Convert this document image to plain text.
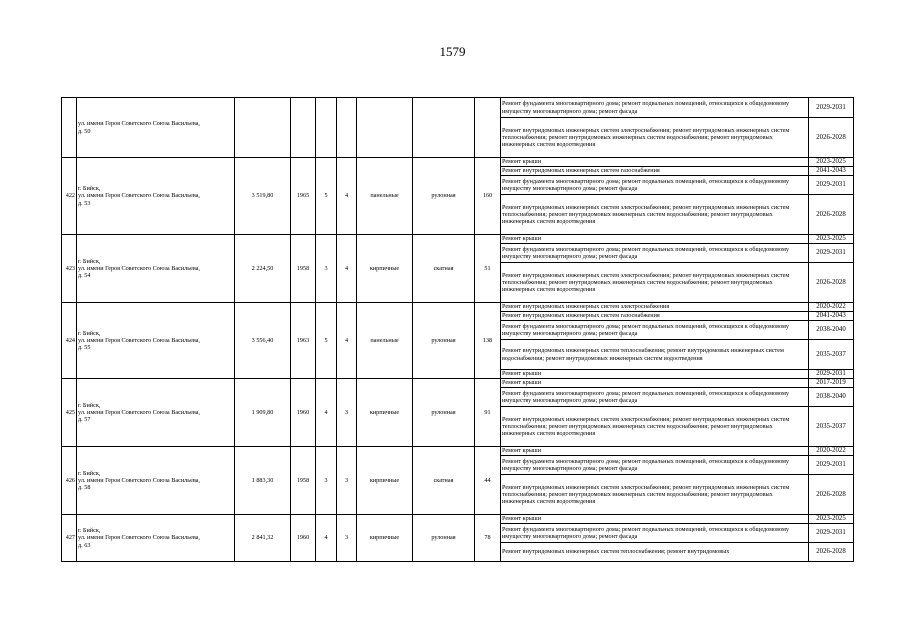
1579

	ул. имени Героя Советского Союза Васильева,
д. 50								Ремонт фундамента многоквартирного дома; ремонт подвальных помещений, относящихся к общедомовому имуществу многоквартирного дома; ремонт фасада	2029-2031
									Ремонт внутридомовых инженерных систем электроснабжения; ремонт внутридомовых инженерных систем теплоснабжения; ремонт внутридомовых инженерных систем водоснабжения; ремонт внутридомовых инженерных систем водоотведения	2026-2028
422	г. Бийск,
ул. имени Героя Советского Союза Васильева,
д. 53	3 519,80	1965	5	4	панельные	рулонная	160	Ремонт крыши	2023-2025
									Ремонт внутридомовых инженерных систем газоснабжения	2041-2043
									Ремонт фундамента многоквартирного дома; ремонт подвальных помещений, относящихся к общедомовому имуществу многоквартирного дома; ремонт фасада	2029-2031
									Ремонт внутридомовых инженерных систем электроснабжения; ремонт внутридомовых инженерных систем теплоснабжения; ремонт внутридомовых инженерных систем водоснабжения; ремонт внутридомовых инженерных систем водоотведения	2026-2028
423	г. Бийск,
ул. имени Героя Советского Союза Васильева,
д. 54	2 224,50	1958	3	4	кирпичные	скатная	51	Ремонт крыши	2023-2025
									Ремонт фундамента многоквартирного дома; ремонт подвальных помещений, относящихся к общедомовому имуществу многоквартирного дома; ремонт фасада	2029-2031
									Ремонт внутридомовых инженерных систем электроснабжения; ремонт внутридомовых инженерных систем теплоснабжения; ремонт внутридомовых инженерных систем водоснабжения; ремонт внутридомовых инженерных систем водоотведения	2026-2028
424	г. Бийск,
ул. имени Героя Советского Союза Васильева,
д. 55	3 556,40	1963	5	4	панельные	рулонная	138	Ремонт внутридомовых инженерных систем электроснабжения	2020-2022
									Ремонт внутридомовых инженерных систем газоснабжения	2041-2043
									Ремонт фундамента многоквартирного дома; ремонт подвальных помещений, относящихся к общедомовому имуществу многоквартирного дома; ремонт фасада	2038-2040
									Ремонт внутридомовых инженерных систем теплоснабжения; ремонт внутридомовых инженерных систем водоснабжения; ремонт внутридомовых инженерных систем водоотведения	2035-2037
									Ремонт крыши	2029-2031
425	г. Бийск,
ул. имени Героя Советского Союза Васильева,
д. 57	1 909,80	1960	4	3	кирпичные	рулонная	91	Ремонт крыши	2017-2019
									Ремонт фундамента многоквартирного дома; ремонт подвальных помещений, относящихся к общедомовому имуществу многоквартирного дома; ремонт фасада	2038-2040
									Ремонт внутридомовых инженерных систем электроснабжения; ремонт внутридомовых инженерных систем теплоснабжения; ремонт внутридомовых инженерных систем водоснабжения; ремонт внутридомовых инженерных систем водоотведения	2035-2037
426	г. Бийск,
ул. имени Героя Советского Союза Васильева,
д. 58	1 883,30	1958	3	3	кирпичные	скатная	44	Ремонт крыши	2020-2022
									Ремонт фундамента многоквартирного дома; ремонт подвальных помещений, относящихся к общедомовому имуществу многоквартирного дома; ремонт фасада	2029-2031
									Ремонт внутридомовых инженерных систем электроснабжения; ремонт внутридомовых инженерных систем теплоснабжения; ремонт внутридомовых инженерных систем водоснабжения; ремонт внутридомовых инженерных систем водоотведения	2026-2028
427	г. Бийск,
ул. имени Героя Советского Союза Васильева,
д. 63	2 841,32	1960	4	3	кирпичные	рулонная	78	Ремонт крыши	2023-2025
									Ремонт фундамента многоквартирного дома; ремонт подвальных помещений, относящихся к общедомовому имуществу многоквартирного дома; ремонт фасада	2029-2031
									Ремонт внутридомовых инженерных систем теплоснабжения; ремонт внутридомовых	2026-2028
